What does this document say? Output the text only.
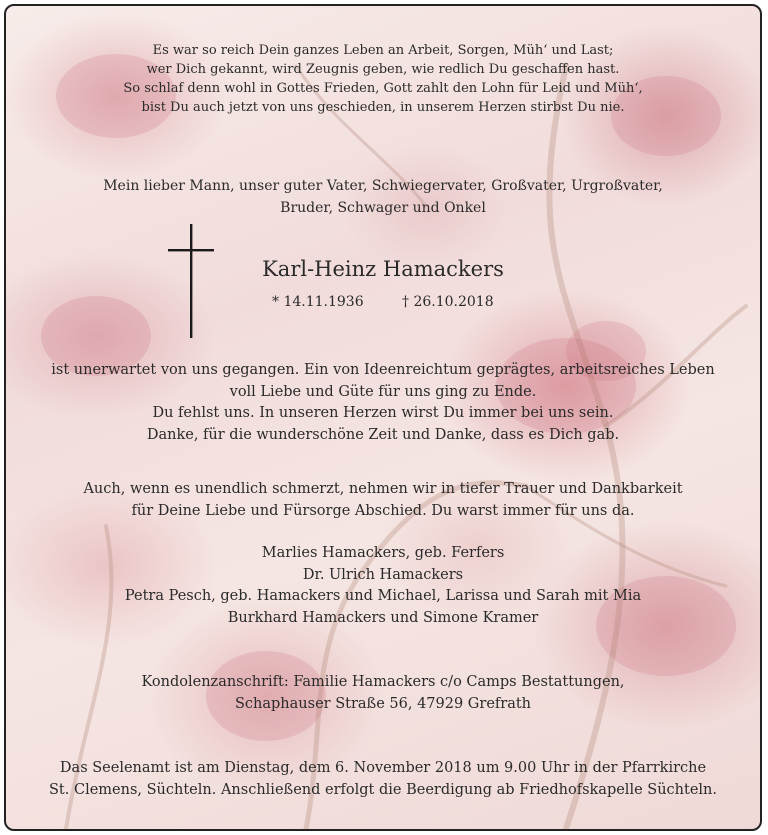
Es war so reich Dein ganzes Leben an Arbeit, Sorgen, Müh‘ und Last;
wer Dich gekannt, wird Zeugnis geben, wie redlich Du geschaffen hast.
So schlaf denn wohl in Gottes Frieden, Gott zahlt den Lohn für Leid und Müh‘,
bist Du auch jetzt von uns geschieden, in unserem Herzen stirbst Du nie.
Mein lieber Mann, unser guter Vater, Schwiegervater, Großvater, Urgroßvater,
Bruder, Schwager und Onkel
Karl-Heinz Hamackers
* 14.11.1936	† 26.10.2018
ist unerwartet von uns gegangen. Ein von Ideenreichtum geprägtes, arbeitsreiches Leben
voll Liebe und Güte für uns ging zu Ende.
Du fehlst uns. In unseren Herzen wirst Du immer bei uns sein.
Danke, für die wunderschöne Zeit und Danke, dass es Dich gab.
Auch, wenn es unendlich schmerzt, nehmen wir in tiefer Trauer und Dankbarkeit
für Deine Liebe und Fürsorge Abschied. Du warst immer für uns da.
Marlies Hamackers, geb. Ferfers
Dr. Ulrich Hamackers
Petra Pesch, geb. Hamackers und Michael, Larissa und Sarah mit Mia
Burkhard Hamackers und Simone Kramer
Kondolenzanschrift: Familie Hamackers c/o Camps Bestattungen,
Schaphauser Straße 56, 47929 Grefrath
Das Seelenamt ist am Dienstag, dem 6. November 2018 um 9.00 Uhr in der Pfarrkirche
St. Clemens, Süchteln. Anschließend erfolgt die Beerdigung ab Friedhofskapelle Süchteln.
